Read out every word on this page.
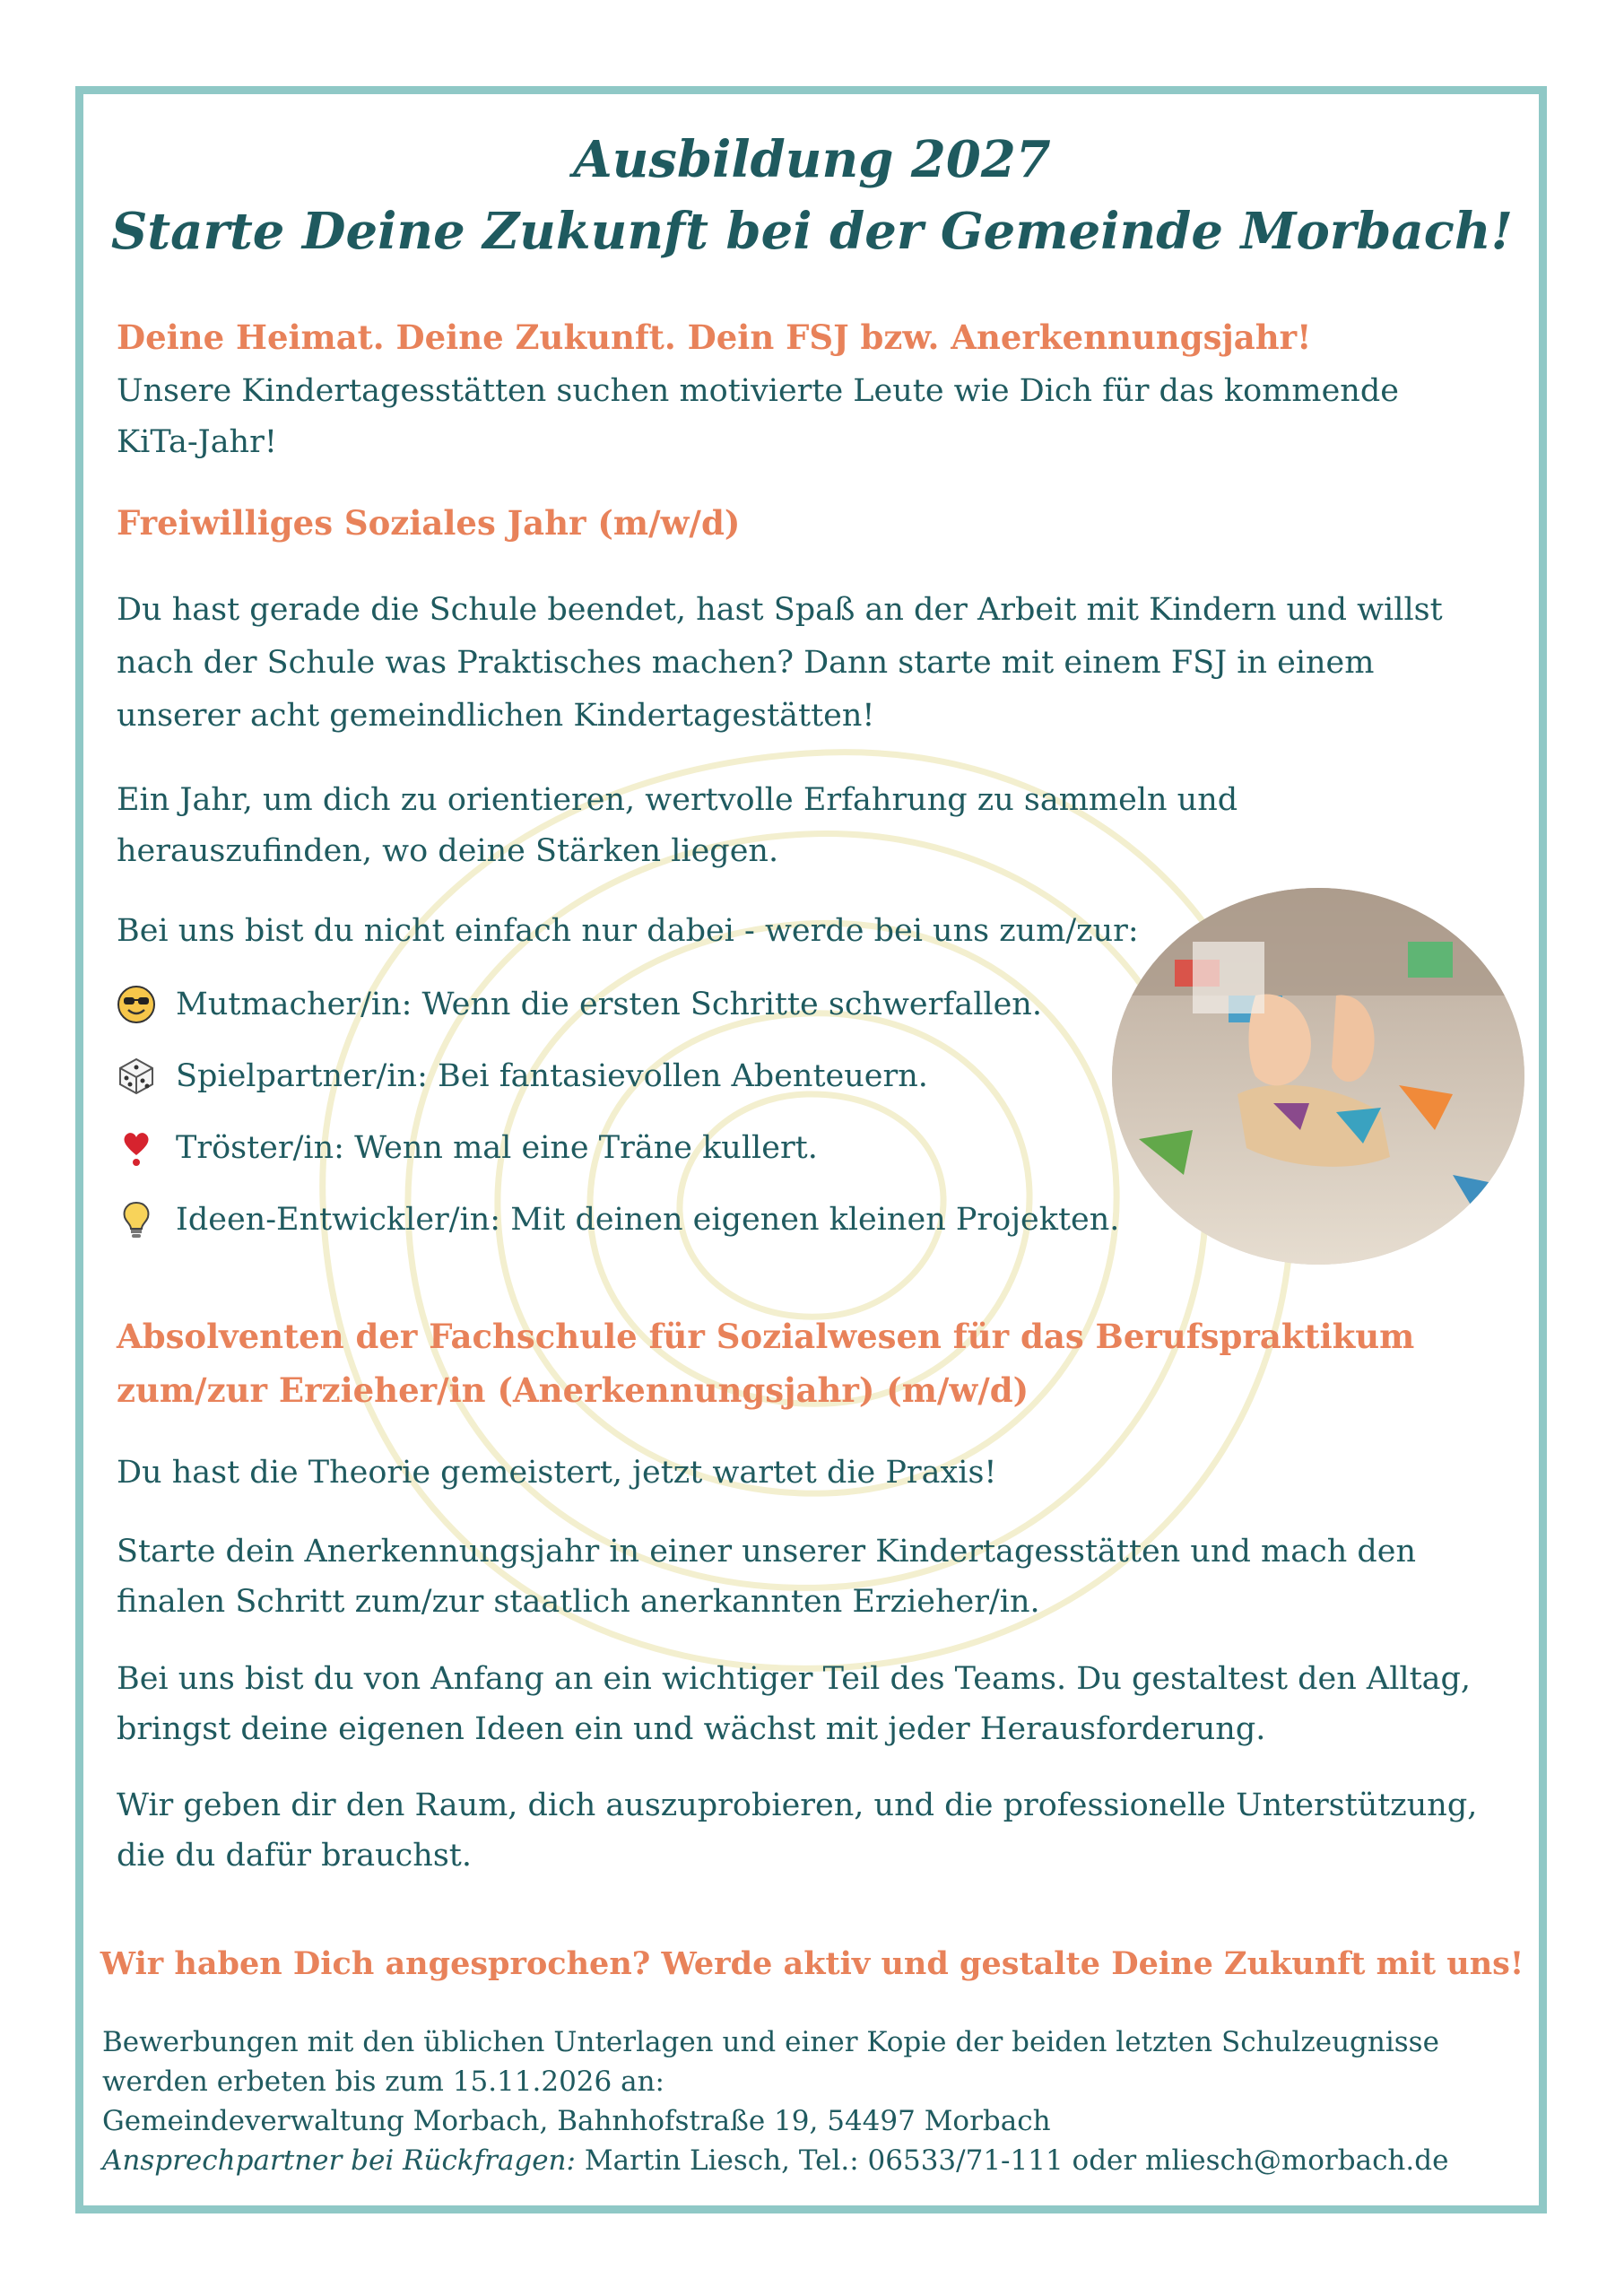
Ausbildung 2027
Starte Deine Zukunft bei der Gemeinde Morbach!
Deine Heimat. Deine Zukunft. Dein FSJ bzw. Anerkennungsjahr!
Unsere Kindertagesstätten suchen motivierte Leute wie Dich für das kommende
KiTa-Jahr!
Freiwilliges Soziales Jahr (m/w/d)
Du hast gerade die Schule beendet, hast Spaß an der Arbeit mit Kindern und willst
nach der Schule was Praktisches machen? Dann starte mit einem FSJ in einem
unserer acht gemeindlichen Kindertagestätten!
Ein Jahr, um dich zu orientieren, wertvolle Erfahrung zu sammeln und
herauszufinden, wo deine Stärken liegen.
Bei uns bist du nicht einfach nur dabei - werde bei uns zum/zur:
Mutmacher/in: Wenn die ersten Schritte schwerfallen.
Spielpartner/in: Bei fantasievollen Abenteuern.
Tröster/in: Wenn mal eine Träne kullert.
Ideen-Entwickler/in: Mit deinen eigenen kleinen Projekten.
Absolventen der Fachschule für Sozialwesen für das Berufspraktikum
zum/zur Erzieher/in (Anerkennungsjahr) (m/w/d)
Du hast die Theorie gemeistert, jetzt wartet die Praxis!
Starte dein Anerkennungsjahr in einer unserer Kindertagesstätten und mach den
finalen Schritt zum/zur staatlich anerkannten Erzieher/in.
Bei uns bist du von Anfang an ein wichtiger Teil des Teams. Du gestaltest den Alltag,
bringst deine eigenen Ideen ein und wächst mit jeder Herausforderung.
Wir geben dir den Raum, dich auszuprobieren, und die professionelle Unterstützung,
die du dafür brauchst.
Wir haben Dich angesprochen? Werde aktiv und gestalte Deine Zukunft mit uns!
Bewerbungen mit den üblichen Unterlagen und einer Kopie der beiden letzten Schulzeugnisse
werden erbeten bis zum 15.11.2026 an:
Gemeindeverwaltung Morbach, Bahnhofstraße 19, 54497 Morbach
Ansprechpartner bei Rückfragen: Martin Liesch, Tel.: 06533/71-111 oder mliesch@morbach.de
